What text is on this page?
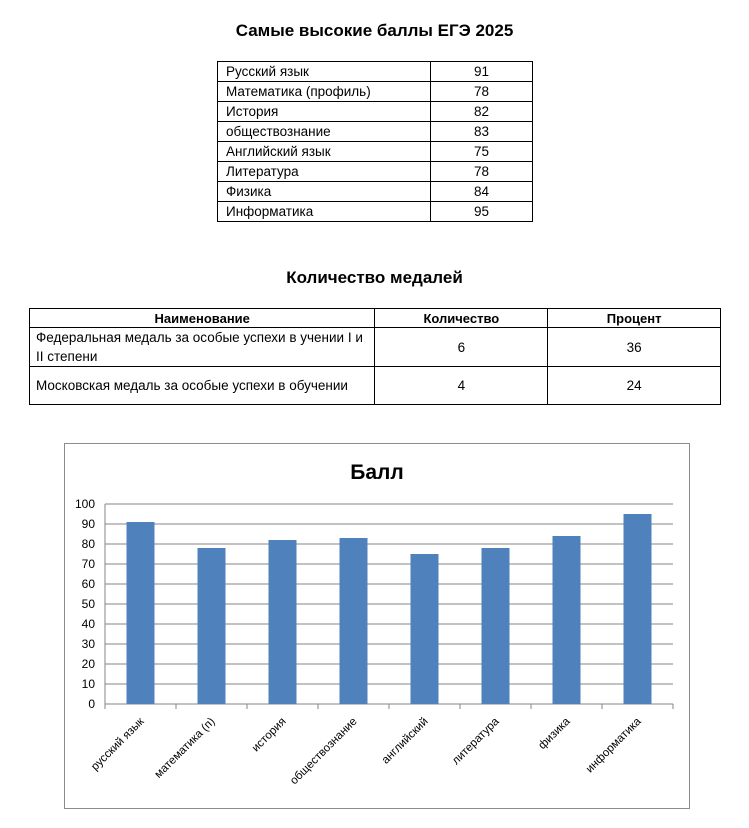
Самые высокие баллы ЕГЭ 2025
Русский язык	91
Математика (профиль)	78
История	82
обществознание	83
Английский язык	75
Литература	78
Физика	84
Информатика	95
Количество медалей
Наименование	Количество	Процент
Федеральная медаль за особые успехи в учении I и II степени	6	36
Московская медаль за особые успехи в обучении	4	24
Балл
0
10
20
30
40
50
60
70
80
90
100
русский язык математика (п)	история обществознание английский литература	физика информатика
